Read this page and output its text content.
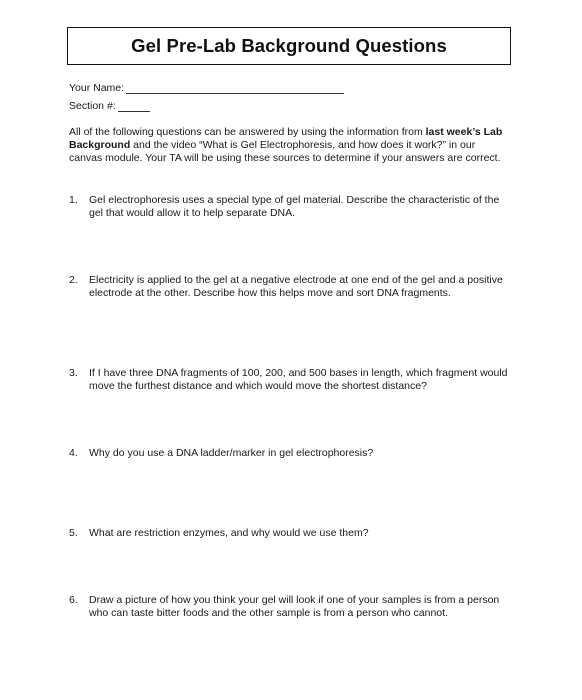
Gel Pre-Lab Background Questions
Your Name:
Section #:
All of the following questions can be answered by using the information from last week’s Lab Background and the video “What is Gel Electrophoresis, and how does it work?” in our canvas module. Your TA will be using these sources to determine if your answers are correct.
1.	Gel electrophoresis uses a special type of gel material. Describe the characteristic of the gel that would allow it to help separate DNA.
2.	Electricity is applied to the gel at a negative electrode at one end of the gel and a positive electrode at the other. Describe how this helps move and sort DNA fragments.
3.	If I have three DNA fragments of 100, 200, and 500 bases in length, which fragment would move the furthest distance and which would move the shortest distance?
4.	Why do you use a DNA ladder/marker in gel electrophoresis?
5.	What are restriction enzymes, and why would we use them?
6.	Draw a picture of how you think your gel will look if one of your samples is from a person who can taste bitter foods and the other sample is from a person who cannot.
